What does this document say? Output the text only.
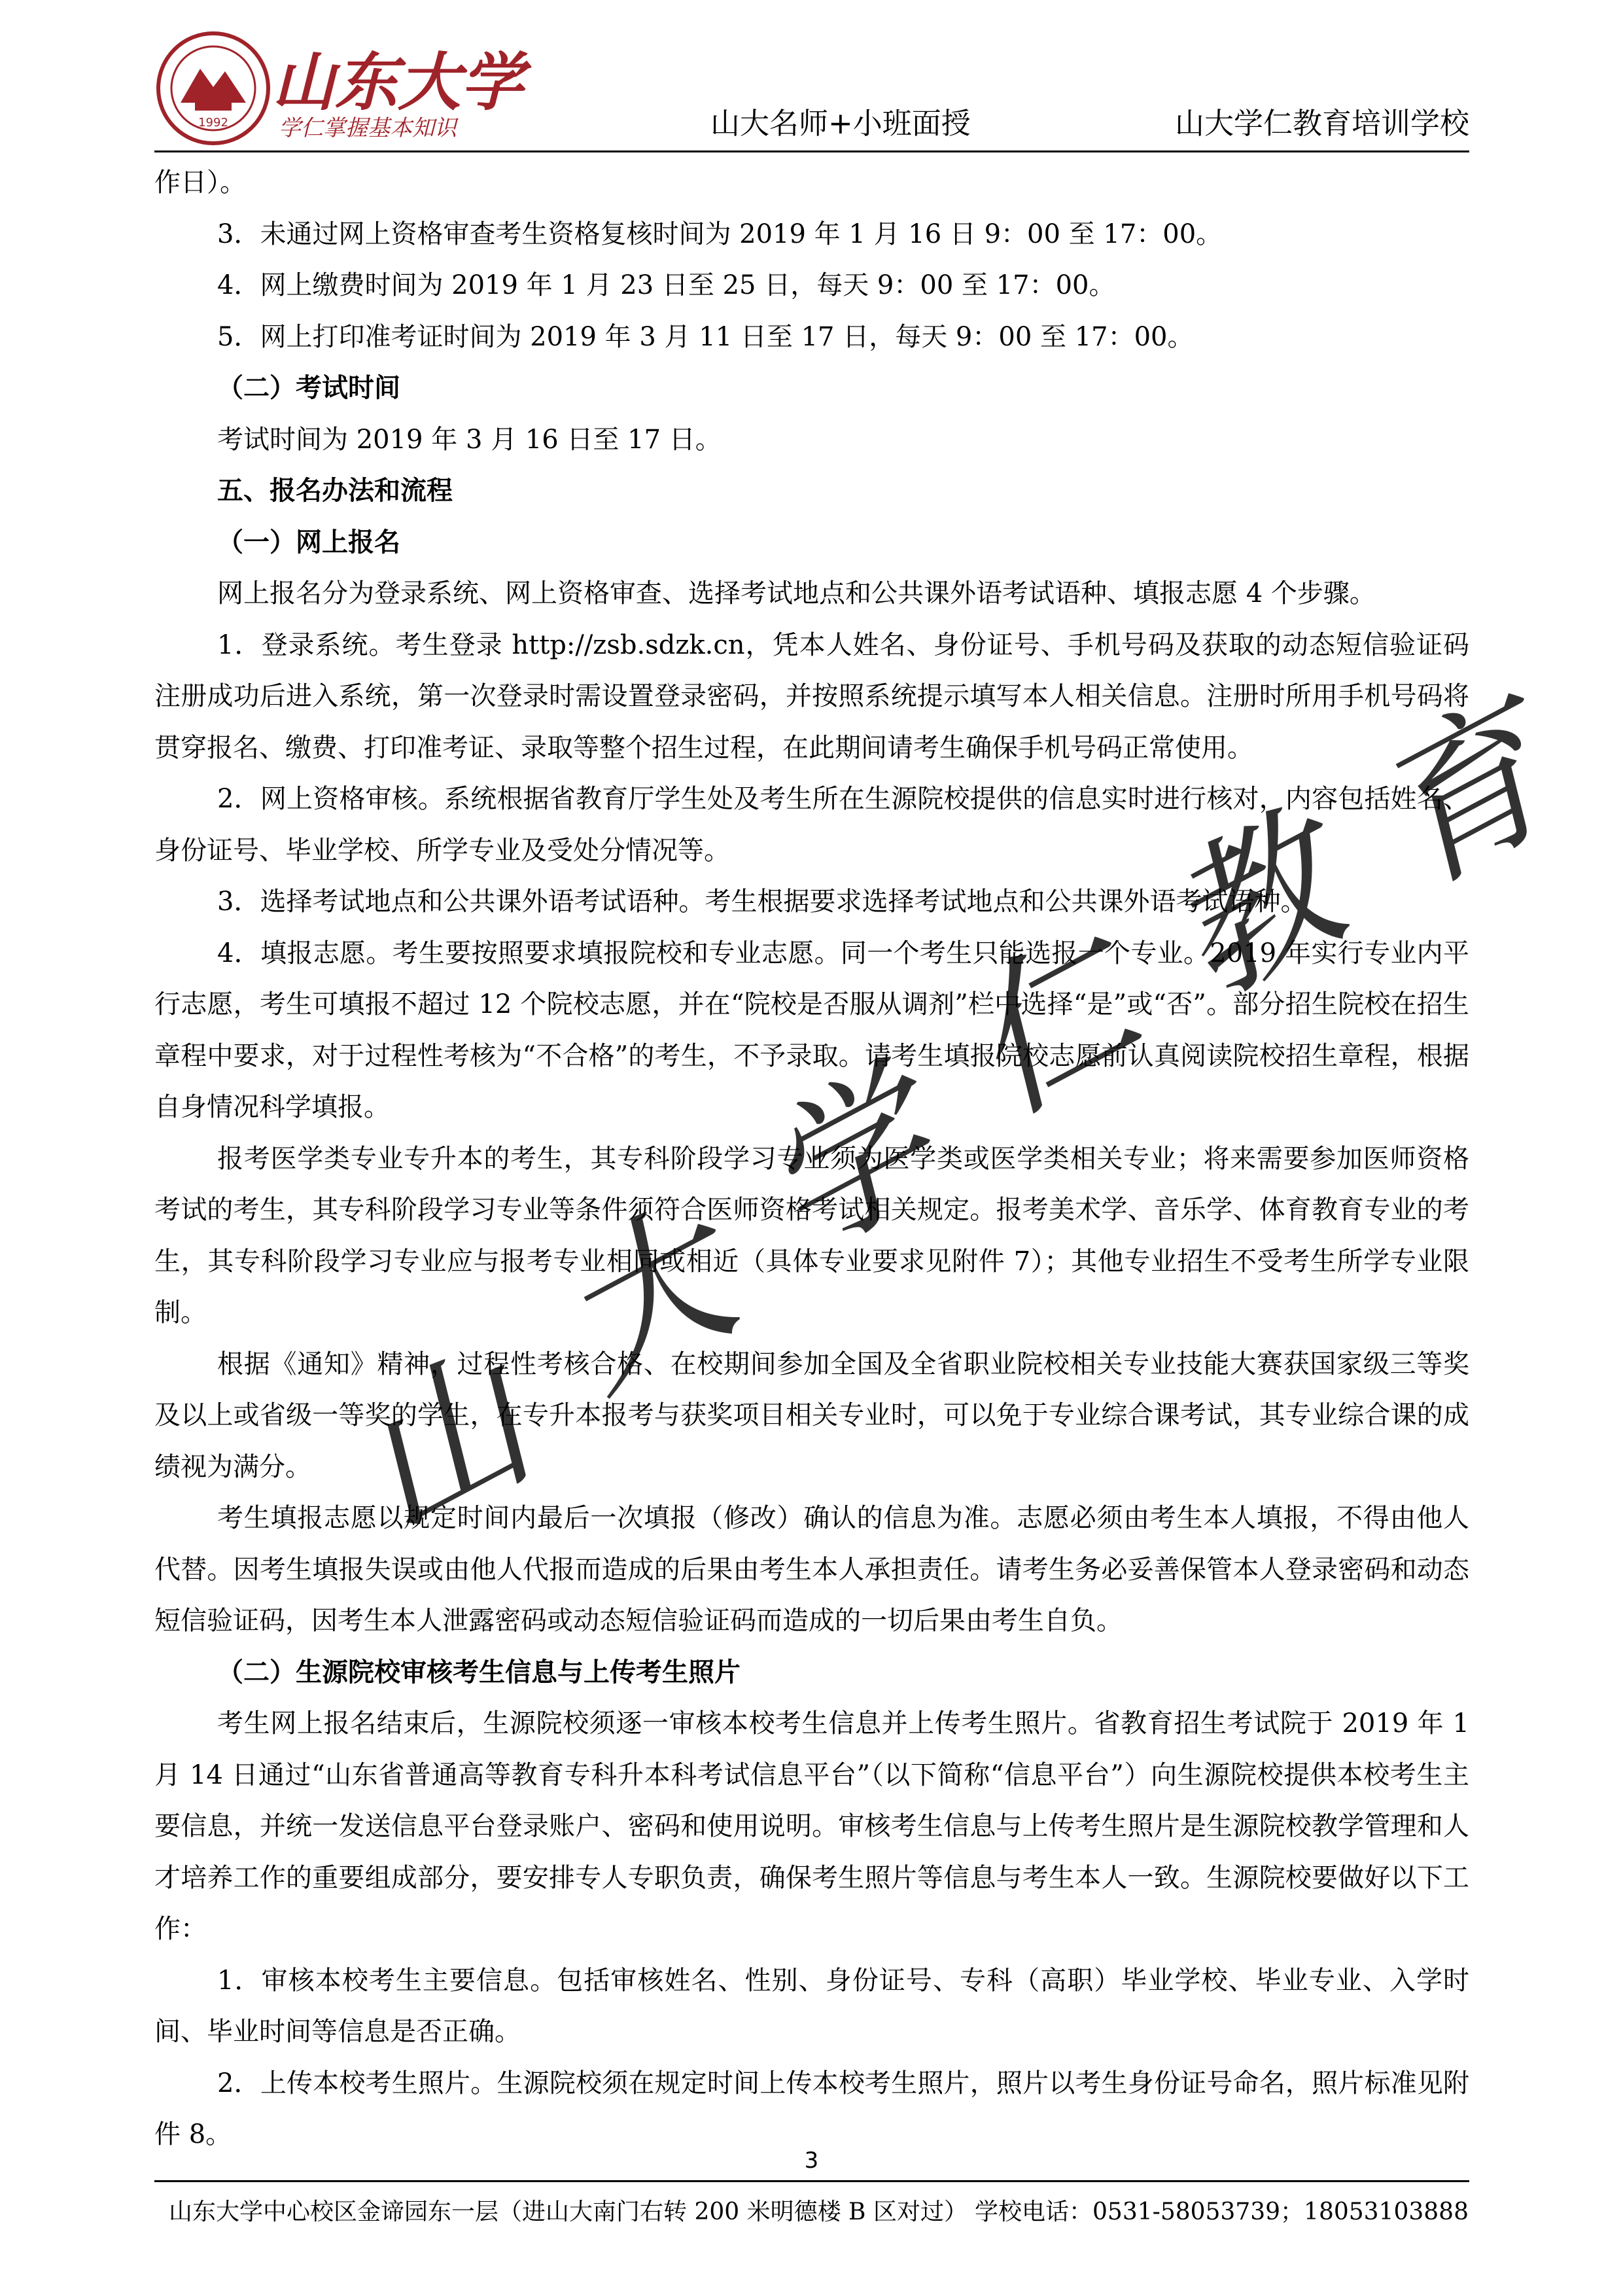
1992
山东大学
学仁掌握基本知识	山大名师+小班面授	山大学仁教育培训学校

作日）。

3．未通过网上资格审查考生资格复核时间为 2019 年 1 月 16 日 9：00 至 17：00。

4．网上缴费时间为 2019 年 1 月 23 日至 25 日，每天 9：00 至 17：00。

5．网上打印准考证时间为 2019 年 3 月 11 日至 17 日，每天 9：00 至 17：00。

（二）考试时间

考试时间为 2019 年 3 月 16 日至 17 日。

五、报名办法和流程

（一）网上报名

网上报名分为登录系统、网上资格审查、选择考试地点和公共课外语考试语种、填报志愿 4 个步骤。

1．登录系统。考生登录 http://zsb.sdzk.cn，凭本人姓名、身份证号、手机号码及获取的动态短信验证码注册成功后进入系统，第一次登录时需设置登录密码，并按照系统提示填写本人相关信息。注册时所用手机号码将贯穿报名、缴费、打印准考证、录取等整个招生过程，在此期间请考生确保手机号码正常使用。

2．网上资格审核。系统根据省教育厅学生处及考生所在生源院校提供的信息实时进行核对，内容包括姓名、身份证号、毕业学校、所学专业及受处分情况等。

3．选择考试地点和公共课外语考试语种。考生根据要求选择考试地点和公共课外语考试语种。

4．填报志愿。考生要按照要求填报院校和专业志愿。同一个考生只能选报一个专业。2019 年实行专业内平行志愿，考生可填报不超过 12 个院校志愿，并在“院校是否服从调剂”栏中选择“是”或“否”。部分招生院校在招生章程中要求，对于过程性考核为“不合格”的考生，不予录取。请考生填报院校志愿前认真阅读院校招生章程，根据自身情况科学填报。

报考医学类专业专升本的考生，其专科阶段学习专业须为医学类或医学类相关专业；将来需要参加医师资格考试的考生，其专科阶段学习专业等条件须符合医师资格考试相关规定。报考美术学、音乐学、体育教育专业的考生，其专科阶段学习专业应与报考专业相同或相近（具体专业要求见附件 7）；其他专业招生不受考生所学专业限制。

根据《通知》精神，过程性考核合格、在校期间参加全国及全省职业院校相关专业技能大赛获国家级三等奖及以上或省级一等奖的学生，在专升本报考与获奖项目相关专业时，可以免于专业综合课考试，其专业综合课的成绩视为满分。

考生填报志愿以规定时间内最后一次填报（修改）确认的信息为准。志愿必须由考生本人填报，不得由他人代替。因考生填报失误或由他人代报而造成的后果由考生本人承担责任。请考生务必妥善保管本人登录密码和动态短信验证码，因考生本人泄露密码或动态短信验证码而造成的一切后果由考生自负。

（二）生源院校审核考生信息与上传考生照片

考生网上报名结束后，生源院校须逐一审核本校考生信息并上传考生照片。省教育招生考试院于 2019 年 1 月 14 日通过“山东省普通高等教育专科升本科考试信息平台”（以下简称“信息平台”）向生源院校提供本校考生主要信息，并统一发送信息平台登录账户、密码和使用说明。审核考生信息与上传考生照片是生源院校教学管理和人才培养工作的重要组成部分，要安排专人专职负责，确保考生照片等信息与考生本人一致。生源院校要做好以下工作：

1．审核本校考生主要信息。包括审核姓名、性别、身份证号、专科（高职）毕业学校、毕业专业、入学时间、毕业时间等信息是否正确。

2．上传本校考生照片。生源院校须在规定时间上传本校考生照片，照片以考生身份证号命名，照片标准见附件 8。

育
教
仁
学
大
山
3
山东大学中心校区金谛园东一层（进山大南门右转 200 米明德楼 B 区对过） 学校电话：0531-58053739；18053103888
